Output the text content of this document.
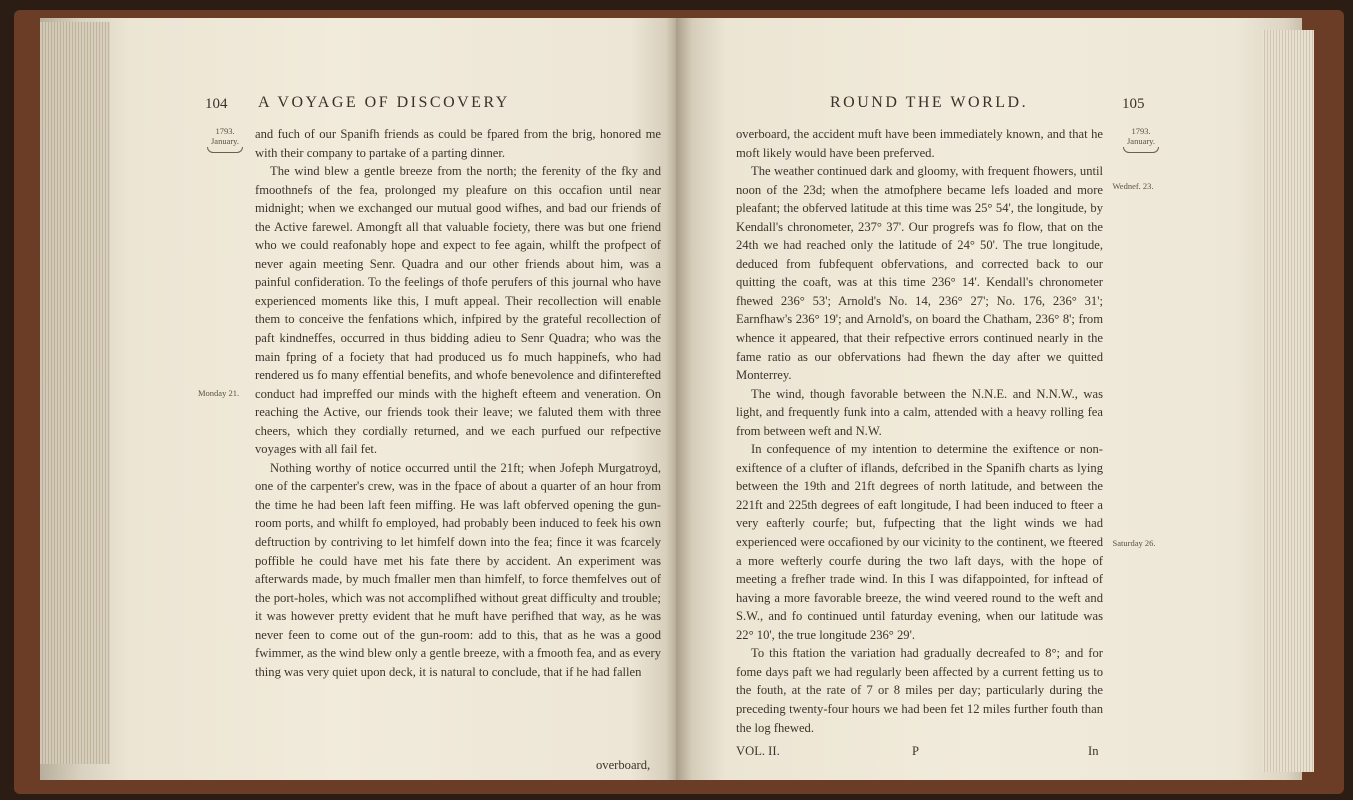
104 A VOYAGE OF DISCOVERY
1793.
January.
Monday 21.

and fuch of our Spanifh friends as could be fpared from the brig, honored me with their company to partake of a parting dinner.

The wind blew a gentle breeze from the north; the ferenity of the fky and fmoothnefs of the fea, prolonged my pleafure on this occafion until near midnight; when we exchanged our mutual good wifhes, and bad our friends of the Active farewel. Amongft all that valuable fociety, there was but one friend who we could reafonably hope and expect to fee again, whilft the profpect of never again meeting Senr. Quadra and our other friends about him, was a painful confideration. To the feelings of thofe perufers of this journal who have experienced moments like this, I muft appeal. Their recollection will enable them to conceive the fenfations which, infpired by the grateful recollection of paft kindneffes, occurred in thus bidding adieu to Senr Quadra; who was the main fpring of a fociety that had produced us fo much happinefs, who had rendered us fo many effential benefits, and whofe benevolence and difinterefted conduct had impreffed our minds with the higheft efteem and veneration. On reaching the Active, our friends took their leave; we faluted them with three cheers, which they cordially returned, and we each purfued our refpective voyages with all fail fet.

Nothing worthy of notice occurred until the 21ft; when Jofeph Murgatroyd, one of the carpenter's crew, was in the fpace of about a quarter of an hour from the time he had been laft feen miffing. He was laft obferved opening the gun-room ports, and whilft fo employed, had probably been induced to feek his own deftruction by contriving to let himfelf down into the fea; fince it was fcarcely poffible he could have met his fate there by accident. An experiment was afterwards made, by much fmaller men than himfelf, to force themfelves out of the port-holes, which was not accomplifhed without great difficulty and trouble; it was however pretty evident that he muft have perifhed that way, as he was never feen to come out of the gun-room: add to this, that as he was a good fwimmer, as the wind blew only a gentle breeze, with a fmooth fea, and as every thing was very quiet upon deck, it is natural to conclude, that if he had fallen

overboard,
ROUND THE WORLD.	105
1793.
January.
Wednef. 23.
Saturday 26.

overboard, the accident muft have been immediately known, and that he moft likely would have been preferved.

The weather continued dark and gloomy, with frequent fhowers, until noon of the 23d; when the atmofphere became lefs loaded and more pleafant; the obferved latitude at this time was 25° 54', the longitude, by Kendall's chronometer, 237° 37'. Our progrefs was fo flow, that on the 24th we had reached only the latitude of 24° 50'. The true longitude, deduced from fubfequent obfervations, and corrected back to our quitting the coaft, was at this time 236° 14'. Kendall's chronometer fhewed 236° 53'; Arnold's No. 14, 236° 27'; No. 176, 236° 31'; Earnfhaw's 236° 19'; and Arnold's, on board the Chatham, 236° 8'; from whence it appeared, that their refpective errors continued nearly in the fame ratio as our obfervations had fhewn the day after we quitted Monterrey.

The wind, though favorable between the N.N.E. and N.N.W., was light, and frequently funk into a calm, attended with a heavy rolling fea from between weft and N.W.

In confequence of my intention to determine the exiftence or non-exiftence of a clufter of iflands, defcribed in the Spanifh charts as lying between the 19th and 21ft degrees of north latitude, and between the 221ft and 225th degrees of eaft longitude, I had been induced to fteer a very eafterly courfe; but, fufpecting that the light winds we had experienced were occafioned by our vicinity to the continent, we fteered a more wefterly courfe during the two laft days, with the hope of meeting a frefher trade wind. In this I was difappointed, for inftead of having a more favorable breeze, the wind veered round to the weft and S.W., and fo continued until faturday evening, when our latitude was 22° 10', the true longitude 236° 29'.

To this ftation the variation had gradually decreafed to 8°; and for fome days paft we had regularly been affected by a current fetting us to the fouth, at the rate of 7 or 8 miles per day; particularly during the preceding twenty-four hours we had been fet 12 miles further fouth than the log fhewed.

VOL. II.	P	In
